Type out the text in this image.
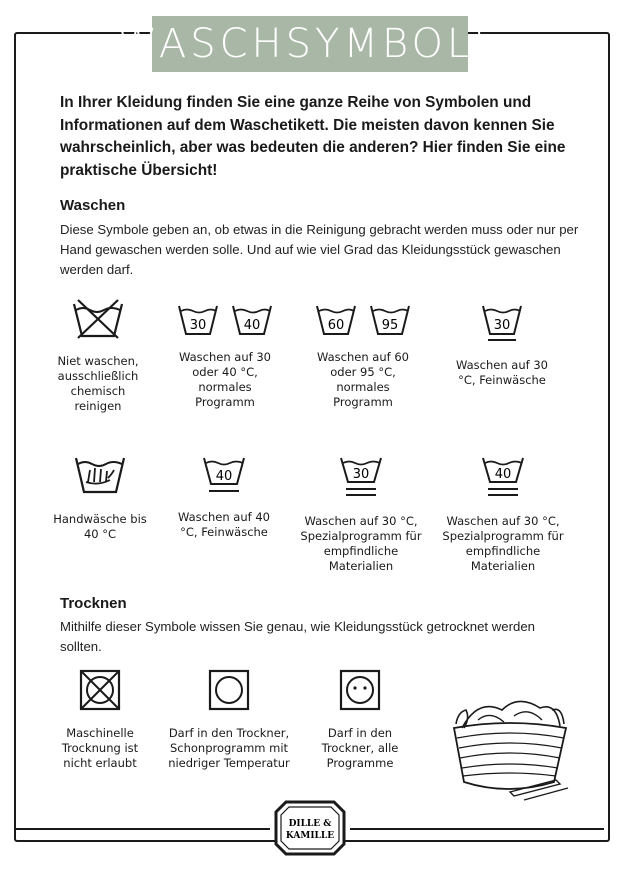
WASCHSYMBOLE
In Ihrer Kleidung finden Sie eine ganze Reihe von Symbolen und Informationen auf dem Waschetikett. Die meisten davon kennen Sie wahrscheinlich, aber was bedeuten die anderen? Hier finden Sie eine praktische Übersicht!
Waschen
Diese Symbole geben an, ob etwas in die Reinigung gebracht werden muss oder nur per Hand gewaschen werden solle. Und auf wie viel Grad das Kleidungsstück gewaschen werden darf.
Niet waschen, ausschließlich chemisch reinigen
30	40
Waschen auf 30 oder 40 °C, normales Programm
60	95
Waschen auf 60 oder 95 °C, normales Programm
30
Waschen auf 30 °C, Feinwäsche
Handwäsche bis 40 °C
40
Waschen auf 40 °C, Feinwäsche
30
Waschen auf 30 °C, Spezialprogramm für empfindliche Materialien
40
Waschen auf 30 °C, Spezialprogramm für empfindliche Materialien
Trocknen
Mithilfe dieser Symbole wissen Sie genau, wie Kleidungsstück getrocknet werden sollten.
Maschinelle Trocknung ist nicht erlaubt
Darf in den Trockner, Schonprogramm mit niedriger Temperatur
Darf in den Trockner, alle Programme
DILLE &
KAMILLE
